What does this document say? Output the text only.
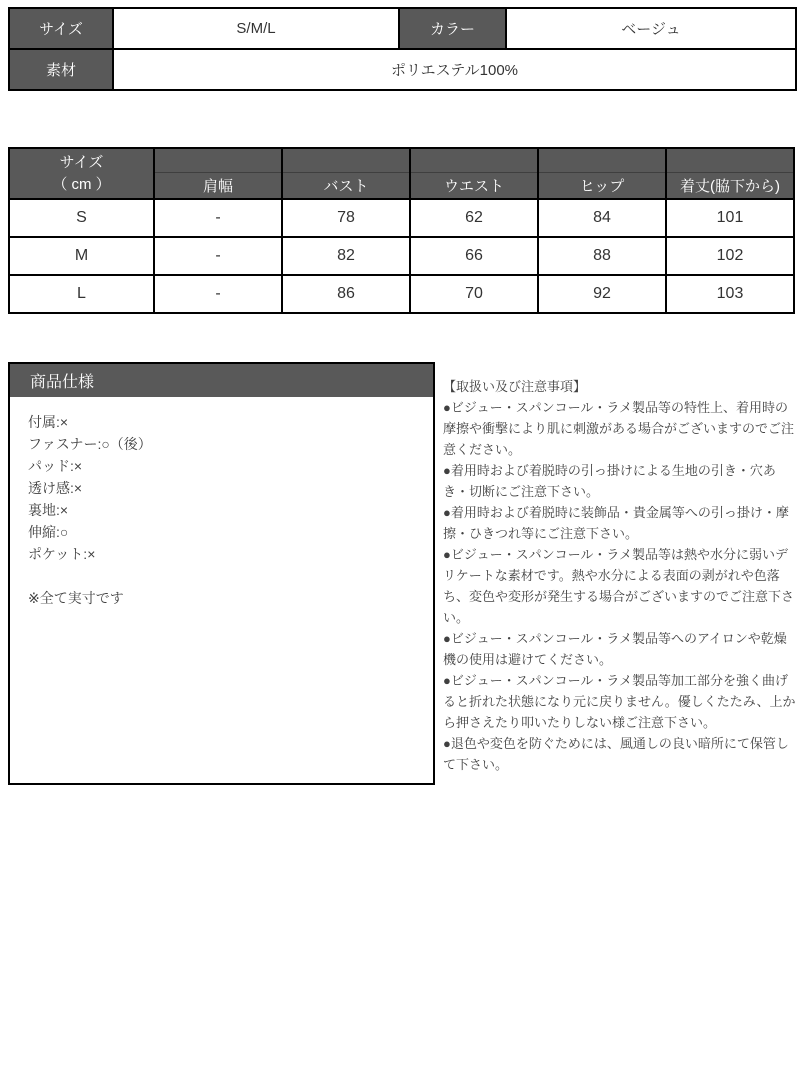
サイズ	S/M/L	カラー	ベージュ
素材	ポリエステル100%		
サイズ
（ cm ）					
	肩幅	バスト	ウエスト	ヒップ	着丈(脇下から)
S	-	78	62	84	101
M	-	82	66	88	102
L	-	86	70	92	103
商品仕様
付属:×
ファスナー:○（後）
パッド:×
透け感:×
裏地:×
伸縮:○
ポケット:×
※全て実寸です

【取扱い及び注意事項】

●ビジュー・スパンコール・ラメ製品等の特性上、着用時の摩擦や衝撃により肌に刺激がある場合がございますのでご注意ください。

●着用時および着脱時の引っ掛けによる生地の引き・穴あき・切断にご注意下さい。

●着用時および着脱時に装飾品・貴金属等への引っ掛け・摩擦・ひきつれ等にご注意下さい。

●ビジュー・スパンコール・ラメ製品等は熱や水分に弱いデリケートな素材です。熱や水分による表面の剥がれや色落ち、変色や変形が発生する場合がございますのでご注意下さい。

●ビジュー・スパンコール・ラメ製品等へのアイロンや乾燥機の使用は避けてください。

●ビジュー・スパンコール・ラメ製品等加工部分を強く曲げると折れた状態になり元に戻りません。優しくたたみ、上から押さえたり叩いたりしない様ご注意下さい。

●退色や変色を防ぐためには、風通しの良い暗所にて保管して下さい。
